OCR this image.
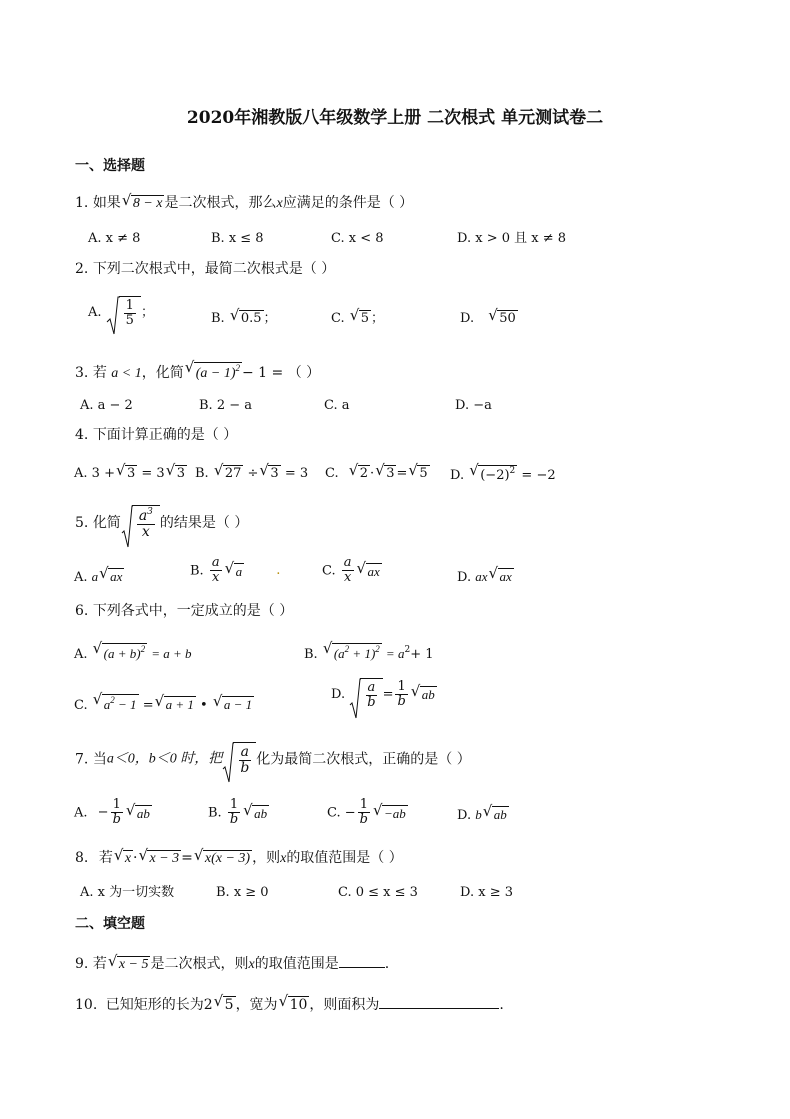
2020年湘教版八年级数学上册 二次根式 单元测试卷二
一、选择题
1. 如果 √ 8 − x 是二次根式，那么x应满足的条件是（ ）
A. x ≠ 8	B. x ≤ 8	C. x < 8	D. x > 0 且 x ≠ 8
2. 下列二次根式中，最简二次根式是（ ）
A. $\frac{1}{5}$ ；	B. √ 0.5 ；	C. √ 5 ；	D. √ 50
3. 若 a < 1，化简 √ $(a - 1)^2 - 1$ = （ ）
A. a − 2	B. 2 − a	C. a	D. −a
4. 下面计算正确的是（ ）
A. 3 + √ 3 = 3 √ 3 B. √ 27 ÷ √ 3 = 3 C. √ 2 · √ 3 = √ 5 D. √ $(-2)^2 = -2$
5. 化简 $\frac{a^3}{x}$ 的结果是（ ）
A. a √ ax	B. $\frac{a}{x}$ √ a	.	C. $\frac{a}{x}$ √ ax	D. ax √ ax
6. 下列各式中，一定成立的是（ ）
A. √ $(a + b)^2 = a + b$	B. √ $(a^2 + 1)^2 = a^2+ 1$
C. √ $a^2 - 1$ = √ a + 1 • √ a − 1
D. $\frac{a}{b} = \frac{1}{b}$ √ ab
7. 当a＜0，b＜0 时，把 $\frac{a}{b}$ 化为最简二次根式，正确的是（ ）
A. − $\frac{1}{b}$ √ ab	B. $\frac{1}{b}$ √ ab	C. − $\frac{1}{b}$ √ −ab	D. b √ ab
8. 若 √ x · √ x − 3 = √ x(x − 3) ，则x的取值范围是（ ）
A. x 为一切实数	B. x ≥ 0	C. 0 ≤ x ≤ 3	D. x ≥ 3
二、填空题
9. 若 √ x − 5 是二次根式，则x的取值范围是	.
10. 已知矩形的长为2 √ 5 ，宽为 √ 10 ，则面积为	.
